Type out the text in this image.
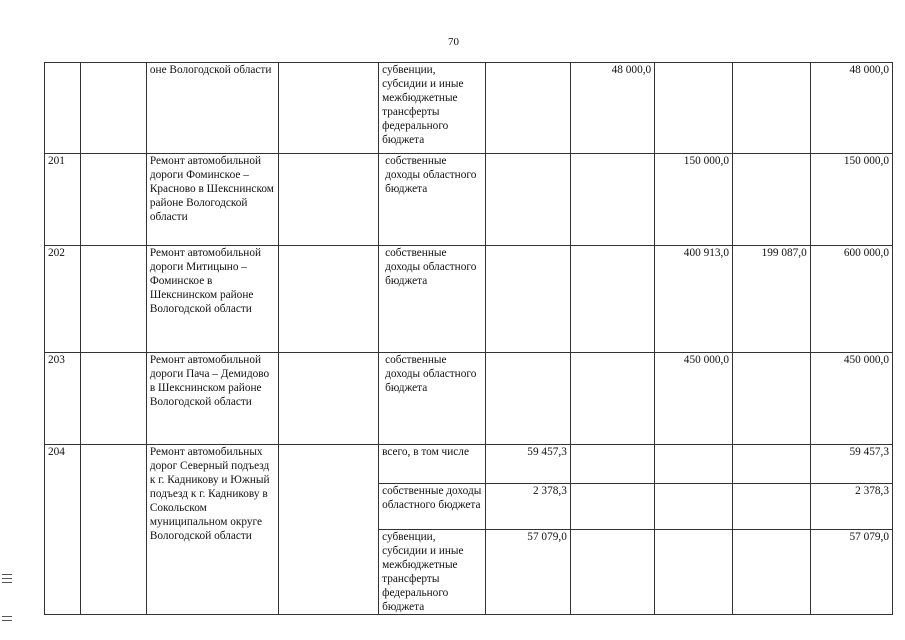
70
		оне Вологодской области		субвенции, субсидии и иные межбюджетные трансферты федерального бюджета		48 000,0			48 000,0
201		Ремонт автомобильной дороги Фоминское – Красново в Шекснинском районе Вологодской области		собственные доходы областного бюджета			150 000,0		150 000,0
202		Ремонт автомобильной дороги Митицыно – Фоминское в Шекснинском районе Вологодской области		собственные доходы областного бюджета			400 913,0	199 087,0	600 000,0
203		Ремонт автомобильной дороги Пача – Демидово в Шекснинском районе Вологодской области		собственные доходы областного бюджета			450 000,0		450 000,0
204		Ремонт автомобильных дорог Северный подъезд к г. Кадникову и Южный подъезд к г. Кадникову в Сокольском муниципальном округе Вологодской области		всего, в том числе	59 457,3				59 457,3
				собственные доходы областного бюджета	2 378,3				2 378,3
				субвенции, субсидии и иные межбюджетные трансферты федерального бюджета	57 079,0				57 079,0
